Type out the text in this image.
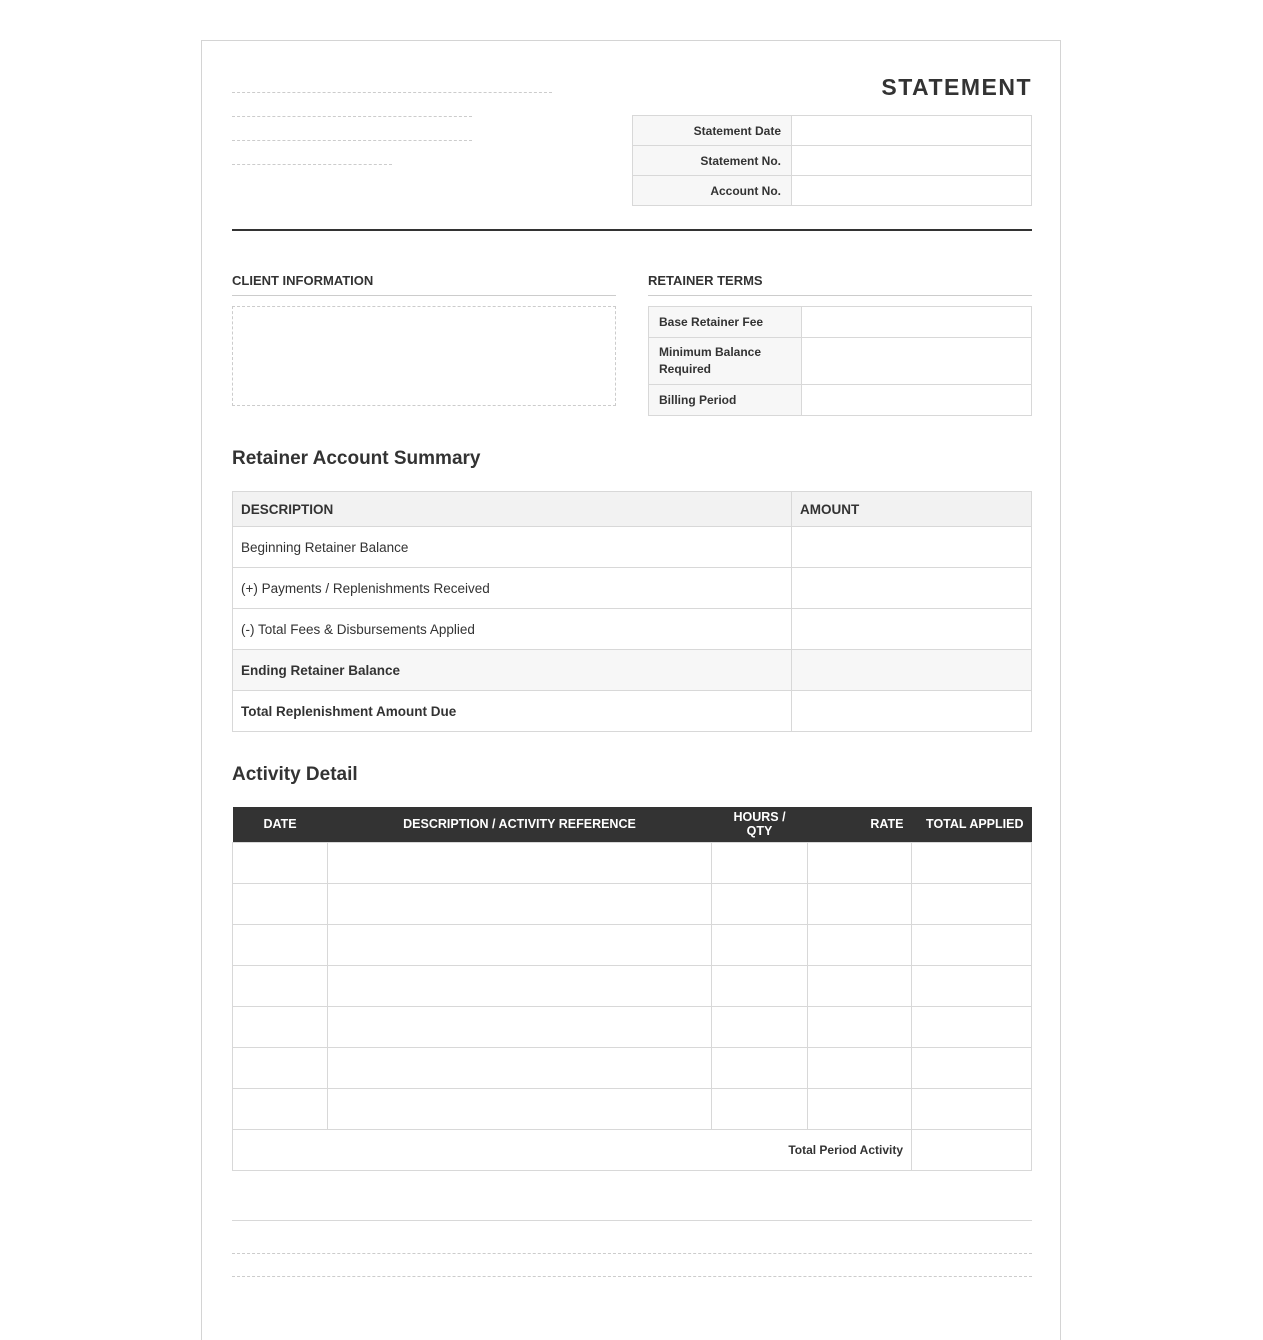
STATEMENT
Statement Date	
Statement No.	
Account No.	
CLIENT INFORMATION	RETAINER TERMS
Base Retainer Fee	
Minimum Balance Required	
Billing Period	
Retainer Account Summary
DESCRIPTION	AMOUNT
Beginning Retainer Balance	
(+) Payments / Replenishments Received	
(-) Total Fees & Disbursements Applied	
Ending Retainer Balance	
Total Replenishment Amount Due	
Activity Detail
DATE	DESCRIPTION / ACTIVITY REFERENCE	HOURS / QTY	RATE	TOTAL APPLIED

Total Period Activity				
